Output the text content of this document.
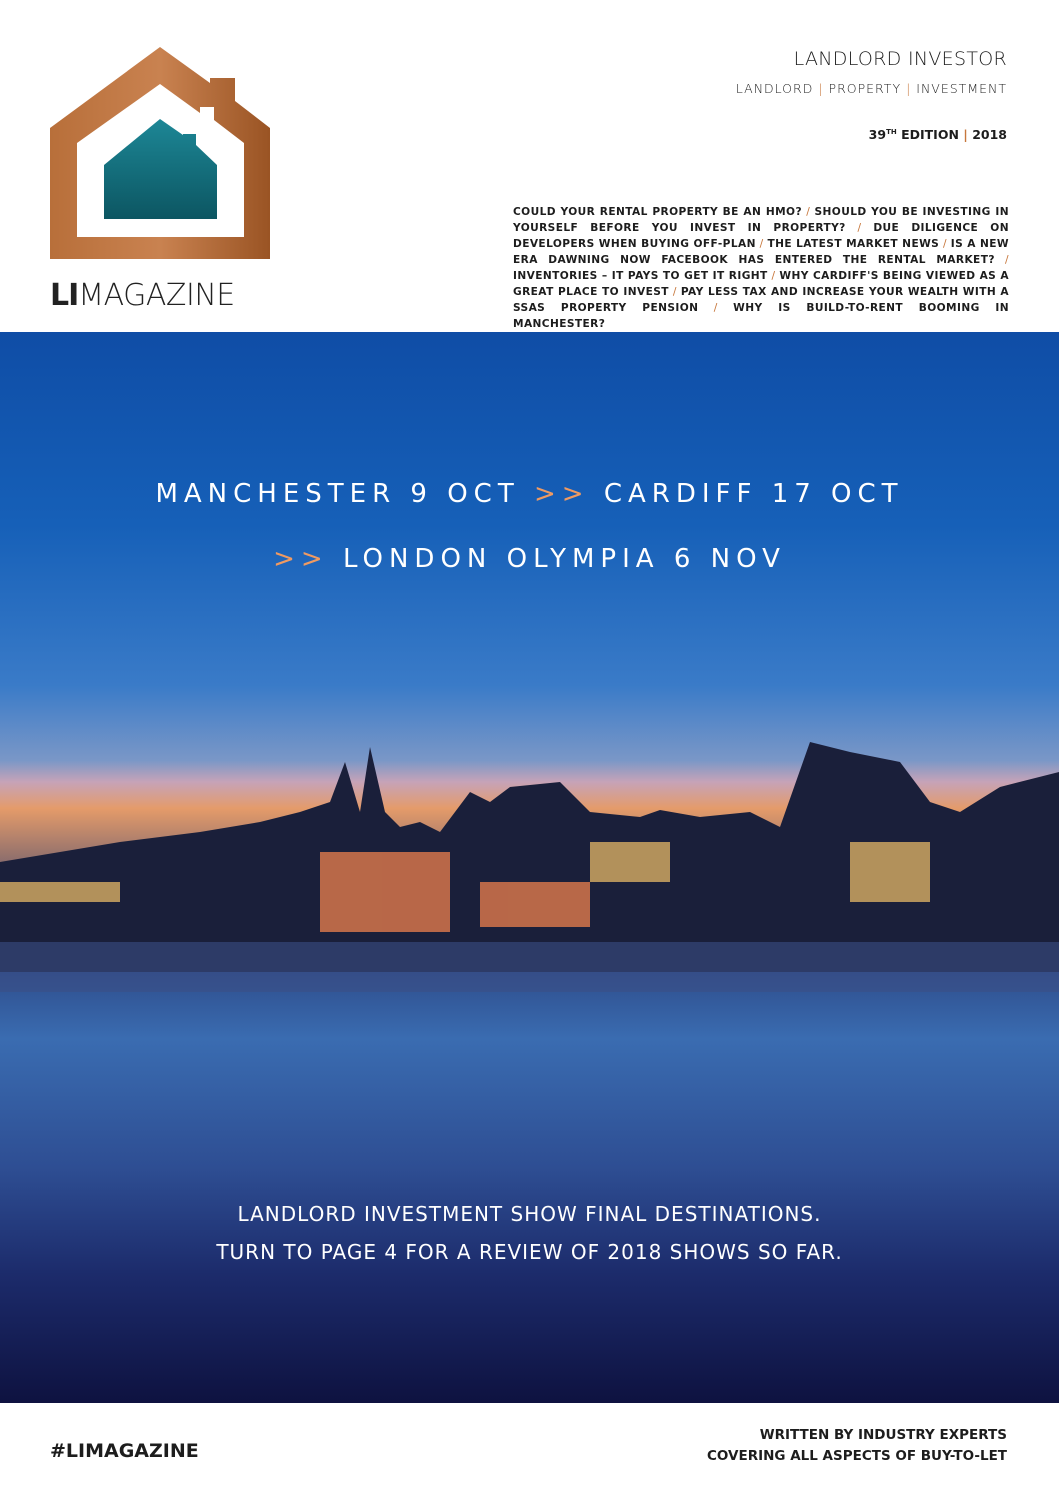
LIMAGAZINE
LANDLORD INVESTOR
LANDLORD | PROPERTY | INVESTMENT
39TH EDITION | 2018
COULD YOUR RENTAL PROPERTY BE AN HMO? / SHOULD YOU BE INVESTING IN YOURSELF BEFORE YOU INVEST IN PROPERTY? / DUE DILIGENCE ON DEVELOPERS WHEN BUYING OFF-PLAN / THE LATEST MARKET NEWS / IS A NEW ERA DAWNING NOW FACEBOOK HAS ENTERED THE RENTAL MARKET? / INVENTORIES – IT PAYS TO GET IT RIGHT / WHY CARDIFF'S BEING VIEWED AS A GREAT PLACE TO INVEST / PAY LESS TAX AND INCREASE YOUR WEALTH WITH A SSAS PROPERTY PENSION / WHY IS BUILD-TO-RENT BOOMING IN MANCHESTER?
MANCHESTER 9 OCT >> CARDIFF 17 OCT
>> LONDON OLYMPIA 6 NOV
LANDLORD INVESTMENT SHOW FINAL DESTINATIONS.
TURN TO PAGE 4 FOR A REVIEW OF 2018 SHOWS SO FAR.
#LIMAGAZINE
WRITTEN BY INDUSTRY EXPERTS
COVERING ALL ASPECTS OF BUY-TO-LET
